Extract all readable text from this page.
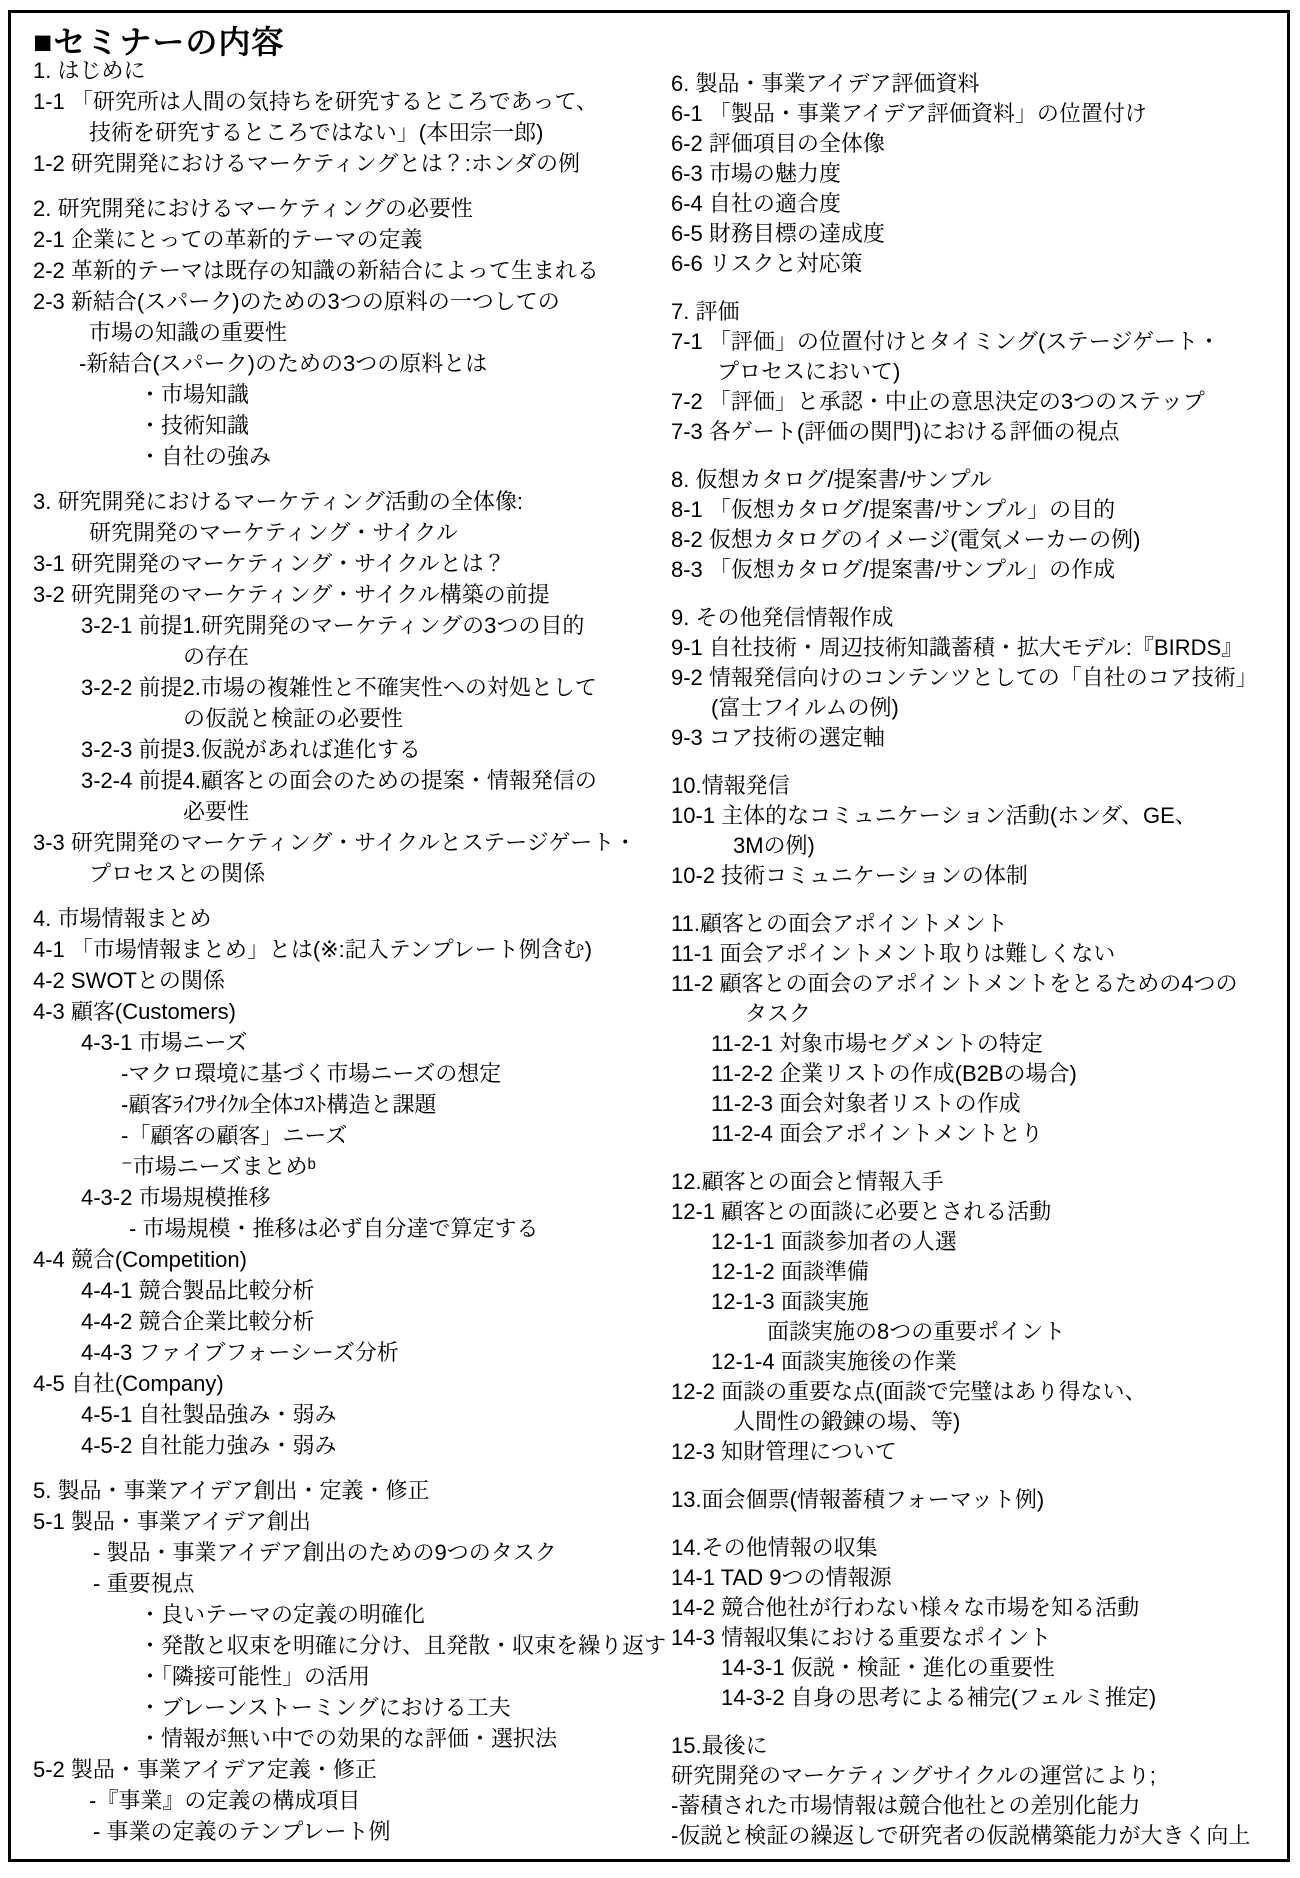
■セミナーの内容
1. はじめに
1-1 「研究所は人間の気持ちを研究するところであって、
技術を研究するところではない」(本田宗一郎)
1-2 研究開発におけるマーケティングとは？:ホンダの例
2. 研究開発におけるマーケティングの必要性
2-1 企業にとっての革新的テーマの定義
2-2 革新的テーマは既存の知識の新結合によって生まれる
2-3 新結合(スパーク)のための3つの原料の一つしての
市場の知識の重要性
-新結合(スパーク)のための3つの原料とは
・市場知識
・技術知識
・自社の強み
3. 研究開発におけるマーケティング活動の全体像:
研究開発のマーケティング・サイクル
3-1 研究開発のマーケティング・サイクルとは？
3-2 研究開発のマーケティング・サイクル構築の前提
3-2-1 前提1.研究開発のマーケティングの3つの目的
の存在
3-2-2 前提2.市場の複雑性と不確実性への対処として
の仮説と検証の必要性
3-2-3 前提3.仮説があれば進化する
3-2-4 前提4.顧客との面会のための提案・情報発信の
必要性
3-3 研究開発のマーケティング・サイクルとステージゲート・
プロセスとの関係
4. 市場情報まとめ
4-1 「市場情報まとめ」とは(※:記入テンプレート例含む)
4-2 SWOTとの関係
4-3 顧客(Customers)
4-3-1 市場ニーズ
-マクロ環境に基づく市場ニーズの想定
-顧客ﾗｲﾌｻｲｸﾙ全体ｺｽﾄ構造と課題
-「顧客の顧客」ニーズ
⁻市場ニーズまとめᵇ
4-3-2 市場規模推移
- 市場規模・推移は必ず自分達で算定する
4-4 競合(Competition)
4-4-1 競合製品比較分析
4-4-2 競合企業比較分析
4-4-3 ファイブフォーシーズ分析
4-5 自社(Company)
4-5-1 自社製品強み・弱み
4-5-2 自社能力強み・弱み
5. 製品・事業アイデア創出・定義・修正
5-1 製品・事業アイデア創出
- 製品・事業アイデア創出のための9つのタスク
- 重要視点
・良いテーマの定義の明確化
・発散と収束を明確に分け、且発散・収束を繰り返す
・「隣接可能性」の活用
・ブレーンストーミングにおける工夫
・情報が無い中での効果的な評価・選択法
5-2 製品・事業アイデア定義・修正
-『事業』の定義の構成項目
- 事業の定義のテンプレート例
6. 製品・事業アイデア評価資料
6-1 「製品・事業アイデア評価資料」の位置付け
6-2 評価項目の全体像
6-3 市場の魅力度
6-4 自社の適合度
6-5 財務目標の達成度
6-6 リスクと対応策
7. 評価
7-1 「評価」の位置付けとタイミング(ステージゲート・
プロセスにおいて)
7-2 「評価」と承認・中止の意思決定の3つのステップ
7-3 各ゲート(評価の関門)における評価の視点
8. 仮想カタログ/提案書/サンプル
8-1 「仮想カタログ/提案書/サンプル」の目的
8-2 仮想カタログのイメージ(電気メーカーの例)
8-3 「仮想カタログ/提案書/サンプル」の作成
9. その他発信情報作成
9-1 自社技術・周辺技術知識蓄積・拡大モデル:『BIRDS』
9-2 情報発信向けのコンテンツとしての「自社のコア技術」
(富士フイルムの例)
9-3 コア技術の選定軸
10.情報発信
10-1 主体的なコミュニケーション活動(ホンダ、GE、
3Mの例)
10-2 技術コミュニケーションの体制
11.顧客との面会アポイントメント
11-1 面会アポイントメント取りは難しくない
11-2 顧客との面会のアポイントメントをとるための4つの
タスク
11-2-1 対象市場セグメントの特定
11-2-2 企業リストの作成(B2Bの場合)
11-2-3 面会対象者リストの作成
11-2-4 面会アポイントメントとり
12.顧客との面会と情報入手
12-1 顧客との面談に必要とされる活動
12-1-1 面談参加者の人選
12-1-2 面談準備
12-1-3 面談実施
面談実施の8つの重要ポイント
12-1-4 面談実施後の作業
12-2 面談の重要な点(面談で完璧はあり得ない、
人間性の鍛錬の場、等)
12-3 知財管理について
13.面会個票(情報蓄積フォーマット例)
14.その他情報の収集
14-1 TAD 9つの情報源
14-2 競合他社が行わない様々な市場を知る活動
14-3 情報収集における重要なポイント
14-3-1 仮説・検証・進化の重要性
14-3-2 自身の思考による補完(フェルミ推定)
15.最後に
研究開発のマーケティングサイクルの運営により;
-蓄積された市場情報は競合他社との差別化能力
-仮説と検証の繰返しで研究者の仮説構築能力が大きく向上
